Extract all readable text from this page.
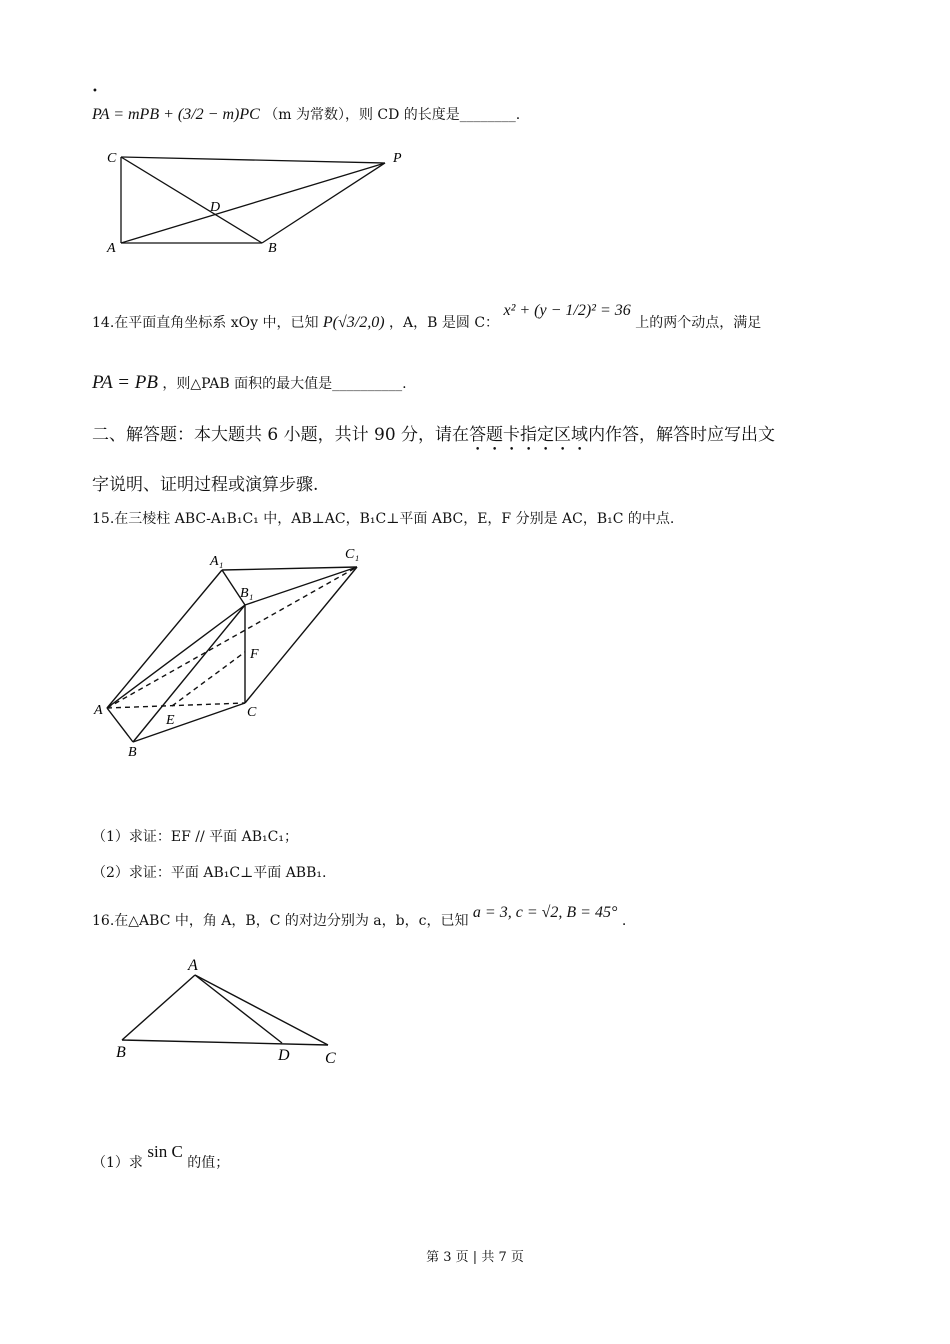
•
PA = mPB + (3/2 − m)PC （m 为常数），则 CD 的长度是________.
C	P
D
A	B
A₁	C₁
B₁
F
A
E
C
B
A
B	D C
14.在平面直角坐标系 xOy 中，已知 P(√3/2,0) ，A，B 是圆 C： x² + (y − 1/2)² = 36 上的两个动点，满足
PA = PB ，则△PAB 面积的最大值是__________.
二、解答题：本大题共 6 小题，共计 90 分，请在答题卡指定区域内作答，解答时应写出文
字说明、证明过程或演算步骤.
15.在三棱柱 ABC-A₁B₁C₁ 中，AB⊥AC，B₁C⊥平面 ABC，E，F 分别是 AC，B₁C 的中点.
（1）求证：EF // 平面 AB₁C₁；
（2）求证：平面 AB₁C⊥平面 ABB₁.
16.在△ABC 中，角 A，B，C 的对边分别为 a，b，c，已知 a = 3, c = √2, B = 45° .
（1）求 sin C 的值；
第 3 页 | 共 7 页
